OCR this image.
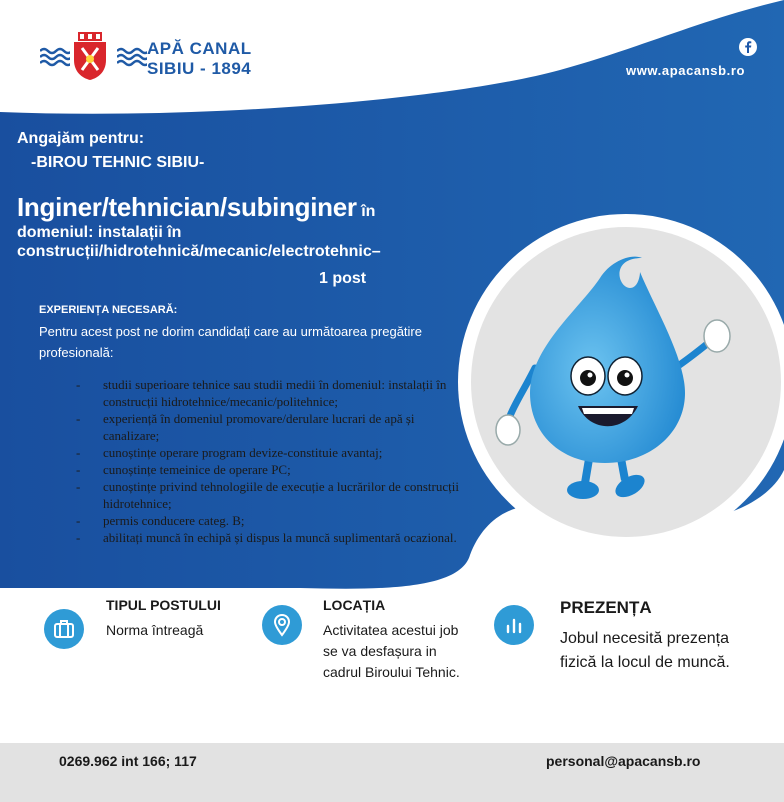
APĂ CANAL
SIBIU - 1894	www.apacansb.ro
Angajăm pentru:
-BIROU TEHNIC SIBIU-
Inginer/tehnician/subinginer în
domeniul: instalații în
construcții/hidrotehnică/mecanic/electrotehnic–
1 post
EXPERIENȚA NECESARĂ:
Pentru acest post ne dorim candidați care au următoarea pregătire profesională:
- studii superioare tehnice sau studii medii în domeniul: instalații în construcții hidrotehnice/mecanic/politehnice;
- experiență în domeniul promovare/derulare lucrari de apă și canalizare;
- cunoștințe operare program devize-constituie avantaj;
- cunoștințe temeinice de operare PC;
- cunoștințe privind tehnologiile de execuție a lucrărilor de construcții hidrotehnice;
- permis conducere categ. B;
- abilitați muncă în echipă și dispus la muncă suplimentară ocazional.
TIPUL POSTULUI
Norma întreagă
LOCAȚIA
Activitatea acestui job
se va desfașura in
cadrul Biroului Tehnic.
PREZENȚA
Jobul necesită prezența
fizică la locul de muncă.
0269.962 int 166; 117	personal@apacansb.ro
